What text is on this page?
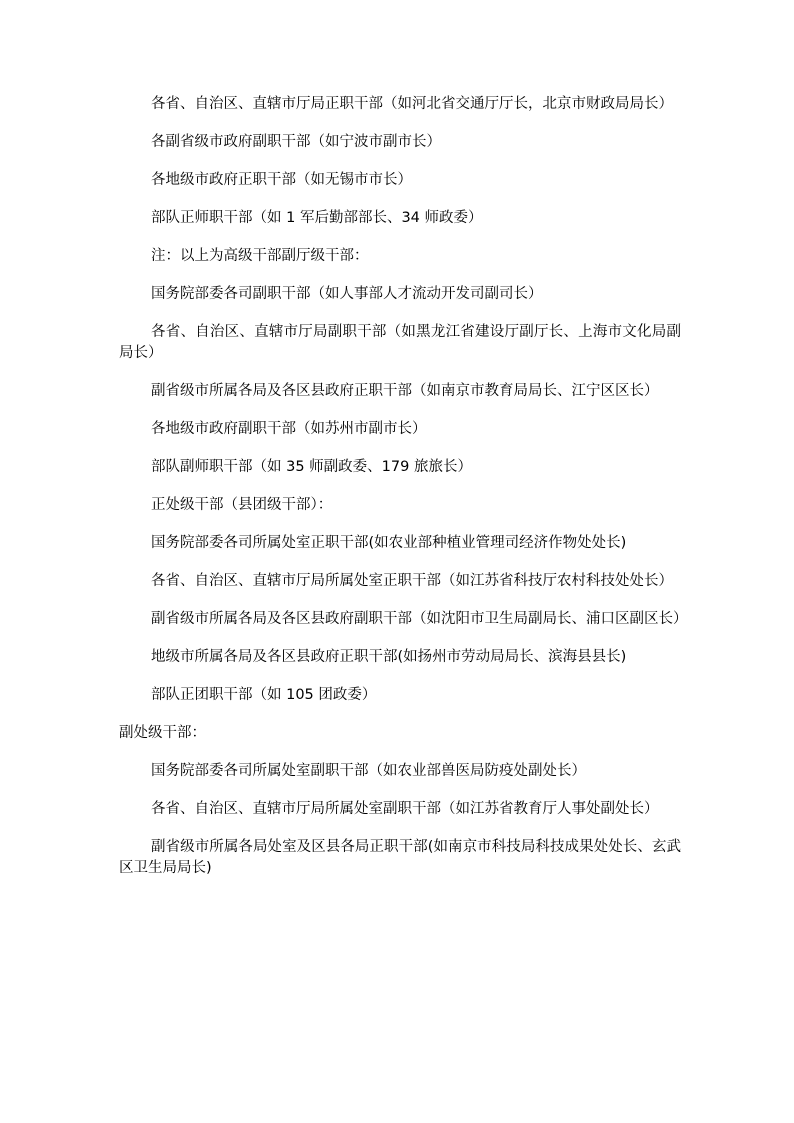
各省、自治区、直辖市厅局正职干部（如河北省交通厅厅长，北京市财政局局长）

各副省级市政府副职干部（如宁波市副市长）

各地级市政府正职干部（如无锡市市长）

部队正师职干部（如 1 军后勤部部长、34 师政委）

注：以上为高级干部副厅级干部：

国务院部委各司副职干部（如人事部人才流动开发司副司长）

各省、自治区、直辖市厅局副职干部（如黑龙江省建设厅副厅长、上海市文化局副局长）

副省级市所属各局及各区县政府正职干部（如南京市教育局局长、江宁区区长）

各地级市政府副职干部（如苏州市副市长）

部队副师职干部（如 35 师副政委、179 旅旅长）

正处级干部（县团级干部）：

国务院部委各司所属处室正职干部(如农业部种植业管理司经济作物处处长)

各省、自治区、直辖市厅局所属处室正职干部（如江苏省科技厅农村科技处处长）

副省级市所属各局及各区县政府副职干部（如沈阳市卫生局副局长、浦口区副区长）

地级市所属各局及各区县政府正职干部(如扬州市劳动局局长、滨海县县长)

部队正团职干部（如 105 团政委）

副处级干部：

国务院部委各司所属处室副职干部（如农业部兽医局防疫处副处长）

各省、自治区、直辖市厅局所属处室副职干部（如江苏省教育厅人事处副处长）

副省级市所属各局处室及区县各局正职干部(如南京市科技局科技成果处处长、玄武区卫生局局长)
